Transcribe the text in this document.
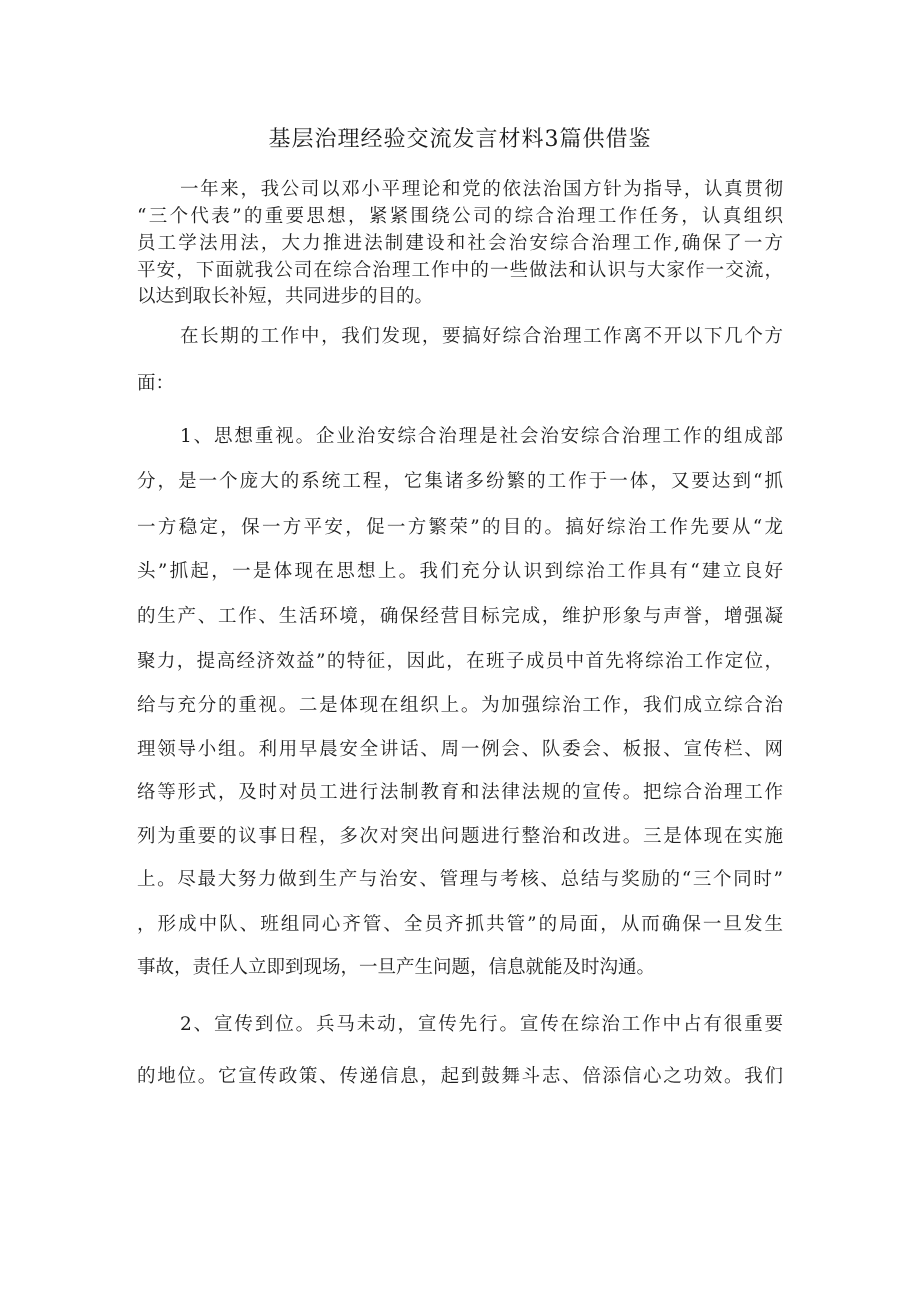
基层治理经验交流发言材料3篇供借鉴
一年来，我公司以邓小平理论和党的依法治国方针为指导，认真贯彻
“三个代表”的重要思想，紧紧围绕公司的综合治理工作任务，认真组织
员工学法用法，大力推进法制建设和社会治安综合治理工作,确保了一方
平安，下面就我公司在综合治理工作中的一些做法和认识与大家作一交流，
以达到取长补短，共同进步的目的。
在长期的工作中，我们发现，要搞好综合治理工作离不开以下几个方
面：
1、思想重视。企业治安综合治理是社会治安综合治理工作的组成部
分，是一个庞大的系统工程，它集诸多纷繁的工作于一体，又要达到“抓
一方稳定，保一方平安，促一方繁荣”的目的。搞好综治工作先要从“龙
头”抓起，一是体现在思想上。我们充分认识到综治工作具有“建立良好
的生产、工作、生活环境，确保经营目标完成，维护形象与声誉，增强凝
聚力，提高经济效益”的特征，因此，在班子成员中首先将综治工作定位，
给与充分的重视。二是体现在组织上。为加强综治工作，我们成立综合治
理领导小组。利用早晨安全讲话、周一例会、队委会、板报、宣传栏、网
络等形式，及时对员工进行法制教育和法律法规的宣传。把综合治理工作
列为重要的议事日程，多次对突出问题进行整治和改进。三是体现在实施
上。尽最大努力做到生产与治安、管理与考核、总结与奖励的“三个同时”
，形成中队、班组同心齐管、全员齐抓共管”的局面，从而确保一旦发生
事故，责任人立即到现场，一旦产生问题，信息就能及时沟通。
2、宣传到位。兵马未动，宣传先行。宣传在综治工作中占有很重要
的地位。它宣传政策、传递信息，起到鼓舞斗志、倍添信心之功效。我们
